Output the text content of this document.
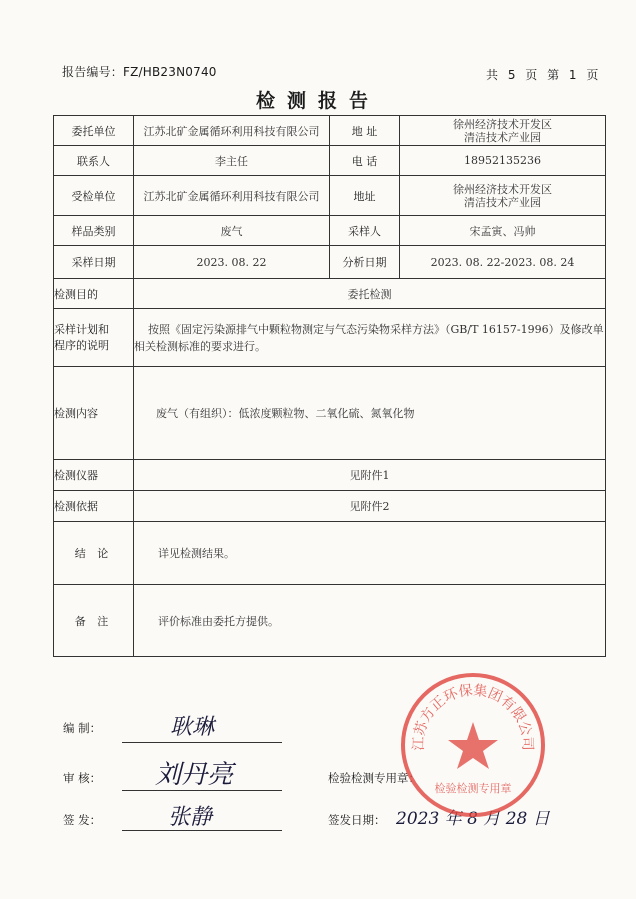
报告编号：FZ/HB23N0740	共 5 页 第 1 页
检测报告
委托单位	江苏北矿金属循环利用科技有限公司	地 址	徐州经济技术开发区
清洁技术产业园

联系人	李主任	电 话	18952135236
受检单位	江苏北矿金属循环利用科技有限公司	地址	徐州经济技术开发区
清洁技术产业园

样品类别	废气	采样人	宋孟寅、冯帅
采样日期	2023. 08. 22	分析日期	2023. 08. 22-2023. 08. 24
检测目的	委托检测		

采样计划和
程序的说明	按照《固定污染源排气中颗粒物测定与气态污染物采样方法》（GB/T 16157-1996）及修改单相关检测标准的要求进行。		
检测内容	废气（有组织）：低浓度颗粒物、二氧化硫、氮氧化物		
检测仪器	见附件1		
检测依据	见附件2		
结 论	详见检测结果。		
备 注	评价标准由委托方提供。		
编 制：	耿琳
审 核： 刘丹亮	检验检测专用章：
签 发：	张静	签发日期： 2023 年 8 月 28 日
江苏方正环保集团有限公司
检验检测专用章
